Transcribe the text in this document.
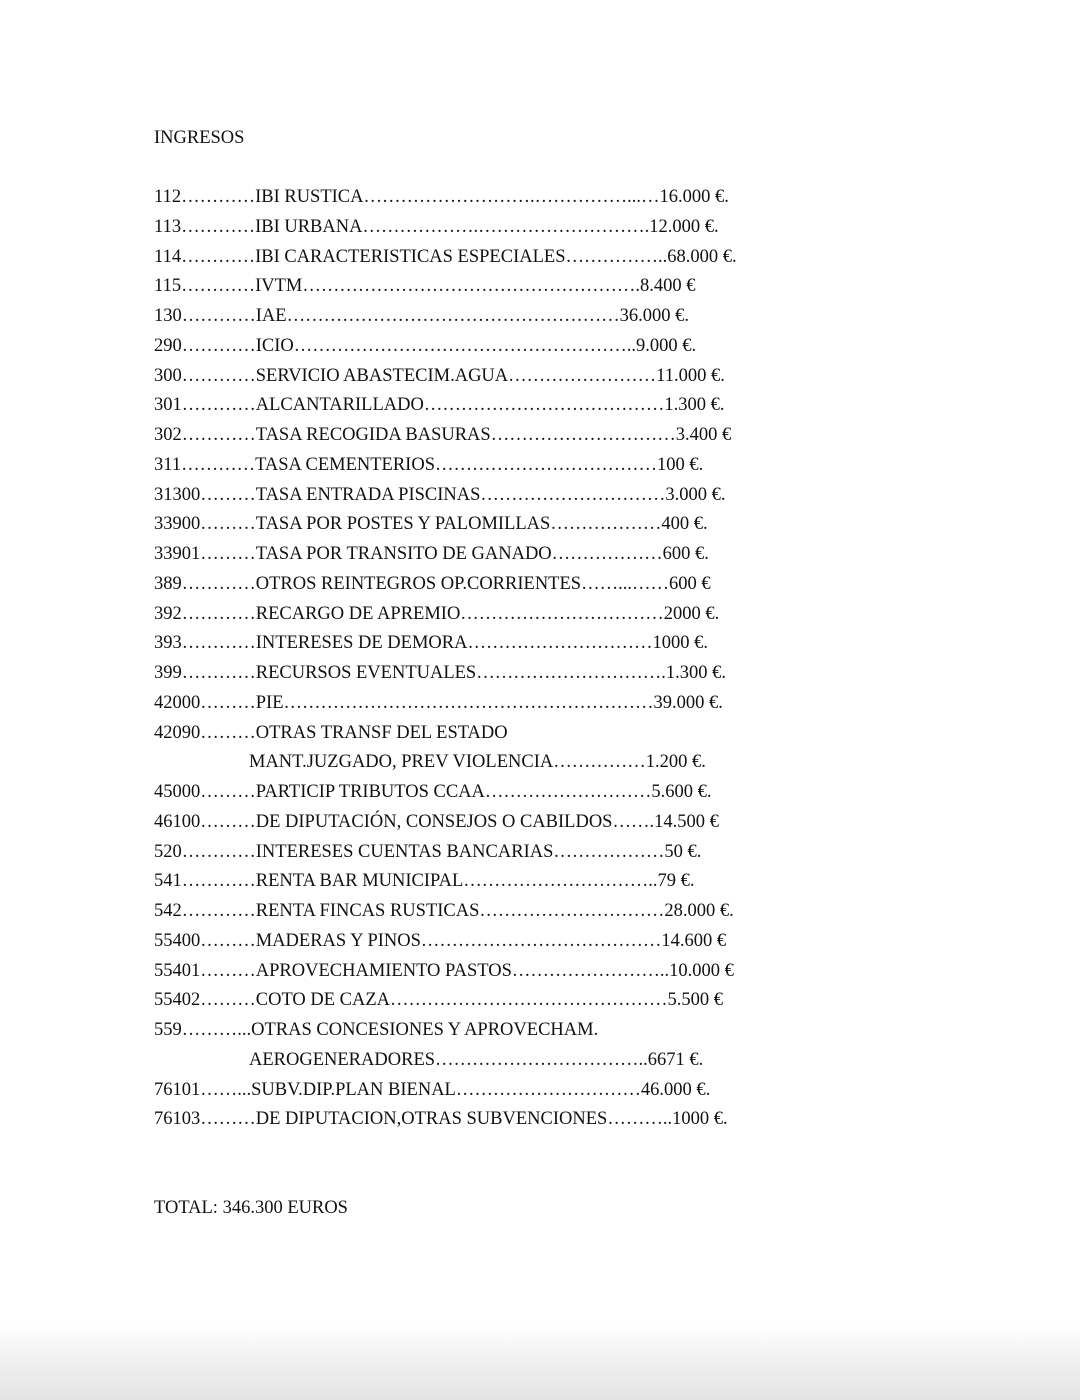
INGRESOS
112…………IBI RUSTICA……………………….……………...…16.000 €.
113…………IBI URBANA……………….……………………….12.000 €.
114…………IBI CARACTERISTICAS ESPECIALES……………..68.000 €.
115…………IVTM……………………………………………….8.400 €
130…………IAE………………………………………………36.000 €.
290…………ICIO………………………………………………..9.000 €.
300…………SERVICIO ABASTECIM.AGUA……………………11.000 €.
301…………ALCANTARILLADO…………………………………1.300 €.
302…………TASA RECOGIDA BASURAS…………………………3.400 €
311…………TASA CEMENTERIOS………………………………100 €.
31300………TASA ENTRADA PISCINAS…………………………3.000 €.
33900………TASA POR POSTES Y PALOMILLAS………………400 €.
33901………TASA POR TRANSITO DE GANADO………………600 €.
389…………OTROS REINTEGROS OP.CORRIENTES……...……600 €
392…………RECARGO DE APREMIO……………………………2000 €.
393…………INTERESES DE DEMORA…………………………1000 €.
399…………RECURSOS EVENTUALES………………………….1.300 €.
42000………PIE……………………………………………………39.000 €.
42090………OTRAS TRANSF DEL ESTADO
MANT.JUZGADO, PREV VIOLENCIA……………1.200 €.
45000………PARTICIP TRIBUTOS CCAA………………………5.600 €.
46100………DE DIPUTACIÓN, CONSEJOS O CABILDOS…….14.500 €
520…………INTERESES CUENTAS BANCARIAS………………50 €.
541…………RENTA BAR MUNICIPAL…………………………..79 €.
542…………RENTA FINCAS RUSTICAS…………………………28.000 €.
55400………MADERAS Y PINOS…………………………………14.600 €
55401………APROVECHAMIENTO PASTOS……………………..10.000 €
55402………COTO DE CAZA………………………………………5.500 €
559………...OTRAS CONCESIONES Y APROVECHAM.
AEROGENERADORES……………………………..6671 €.
76101……...SUBV.DIP.PLAN BIENAL…………………………46.000 €.
76103………DE DIPUTACION,OTRAS SUBVENCIONES………..1000 €.
TOTAL: 346.300 EUROS
